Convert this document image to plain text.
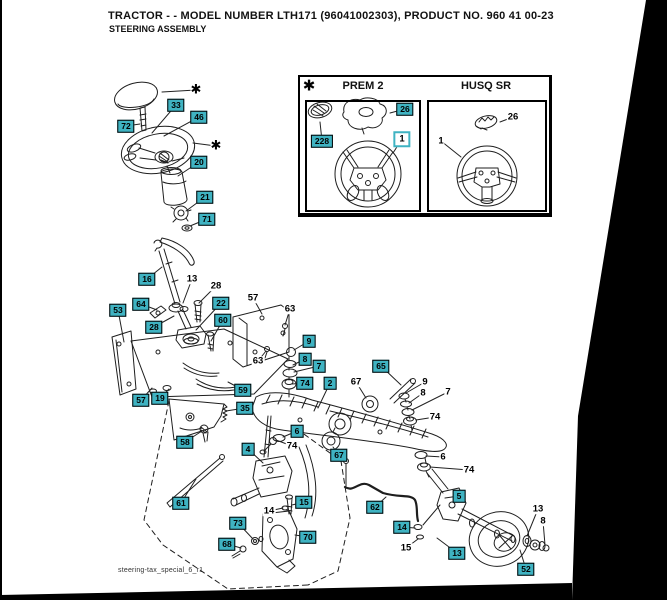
TRACTOR - - MODEL NUMBER LTH171 (96041002303), PRODUCT NO. 960 41 00-23
STEERING ASSEMBLY
PREM 2	HUSQ SR
steering-tax_special_6_r1
72
33
46
20
21
71
16
64
53
28
22
60
13
28
57
63
63
59
57	19
35
58
61
4
9
8
7
74	2
65
67	9
8 7
74
6
74
67	6
74
5
15
14
73
68
70
62
14
15	13
13
8
52
26
228	1
26
1
✱
✱
✱
